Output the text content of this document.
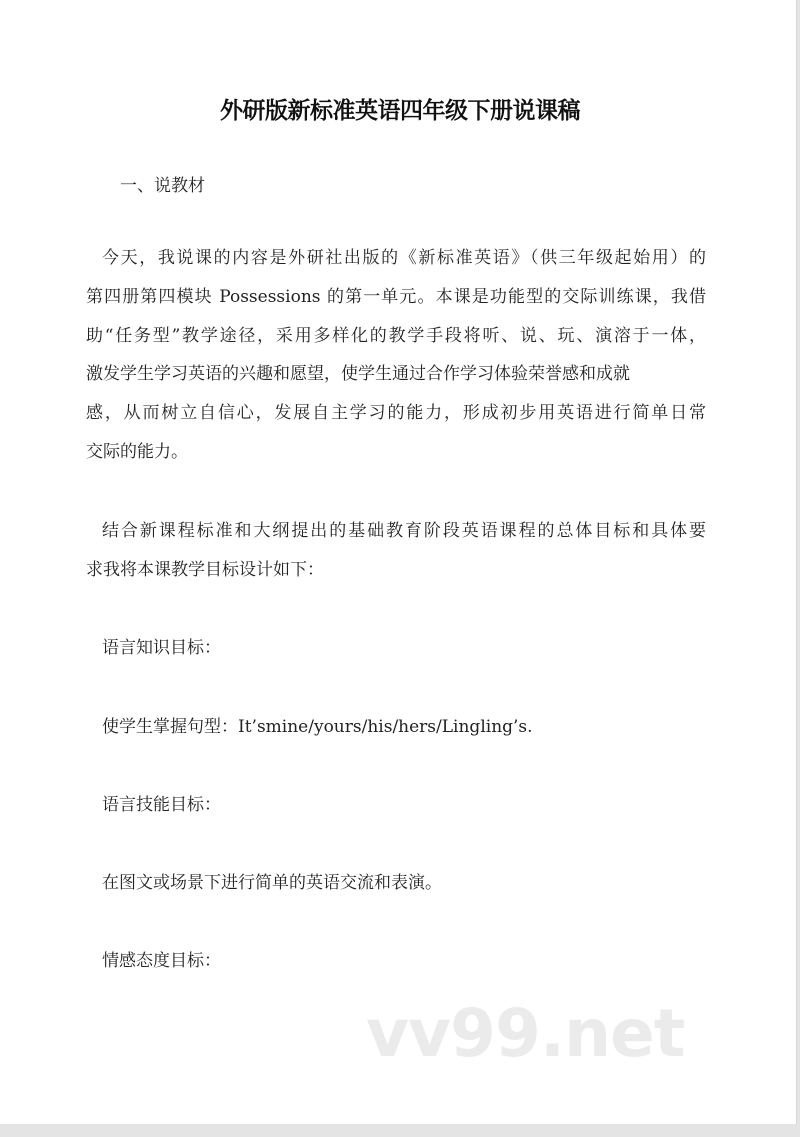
外研版新标准英语四年级下册说课稿
一、说教材
今天，我说课的内容是外研社出版的《新标准英语》（供三年级起始用）的
第四册第四模块 Possessions 的第一单元。本课是功能型的交际训练课，我借
助“任务型”教学途径，采用多样化的教学手段将听、说、玩、演溶于一体，
激发学生学习英语的兴趣和愿望，使学生通过合作学习体验荣誉感和成就
感，从而树立自信心，发展自主学习的能力，形成初步用英语进行简单日常
交际的能力。
结合新课程标准和大纲提出的基础教育阶段英语课程的总体目标和具体要
求我将本课教学目标设计如下：
语言知识目标：
使学生掌握句型：It’smine/yours/his/hers/Lingling’s.
语言技能目标：
在图文或场景下进行简单的英语交流和表演。
情感态度目标：
vv99.net
